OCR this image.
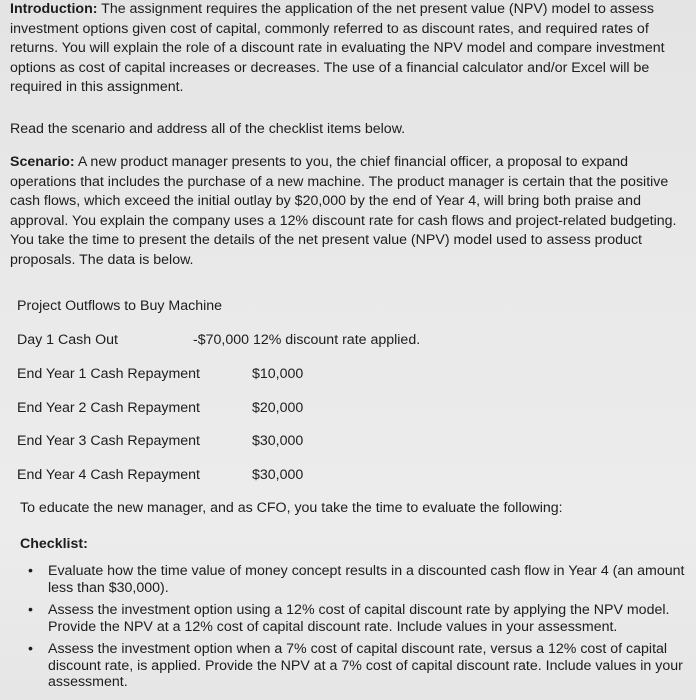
Introduction: The assignment requires the application of the net present value (NPV) model to assess investment options given cost of capital, commonly referred to as discount rates, and required rates of returns. You will explain the role of a discount rate in evaluating the NPV model and compare investment options as cost of capital increases or decreases. The use of a financial calculator and/or Excel will be required in this assignment.
Read the scenario and address all of the checklist items below.
Scenario: A new product manager presents to you, the chief financial officer, a proposal to expand operations that includes the purchase of a new machine. The product manager is certain that the positive cash flows, which exceed the initial outlay by $20,000 by the end of Year 4, will bring both praise and approval. You explain the company uses a 12% discount rate for cash flows and project-related budgeting. You take the time to present the details of the net present value (NPV) model used to assess product proposals. The data is below.
Project Outflows to Buy Machine
Day 1 Cash Out	-$70,000 12% discount rate applied.
End Year 1 Cash Repayment	$10,000
End Year 2 Cash Repayment	$20,000
End Year 3 Cash Repayment	$30,000
End Year 4 Cash Repayment	$30,000
To educate the new manager, and as CFO, you take the time to evaluate the following:
Checklist:
• Evaluate how the time value of money concept results in a discounted cash flow in Year 4 (an amount less than $30,000).
• Assess the investment option using a 12% cost of capital discount rate by applying the NPV model. Provide the NPV at a 12% cost of capital discount rate. Include values in your assessment.
• Assess the investment option when a 7% cost of capital discount rate, versus a 12% cost of capital discount rate, is applied. Provide the NPV at a 7% cost of capital discount rate. Include values in your assessment.
